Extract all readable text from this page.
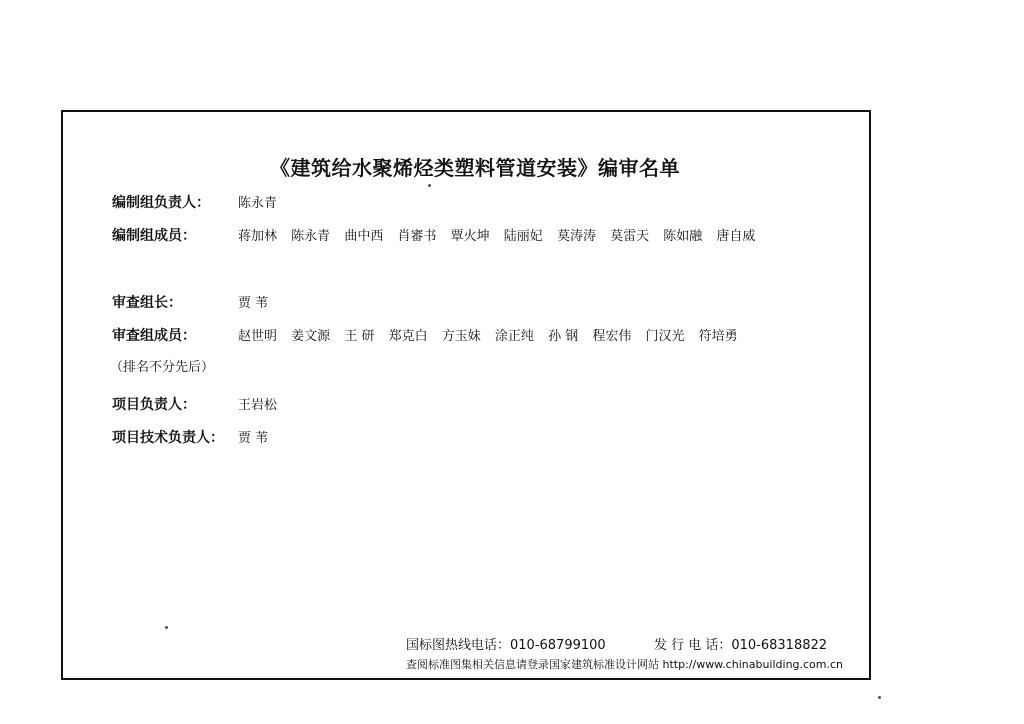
《建筑给水聚烯烃类塑料管道安装》编审名单
编制组负责人： 陈永青
编制组成员：	蒋加林 陈永青 曲中西 肖審书 覃火坤 陆丽妃 莫涛涛 莫雷天 陈如融 唐自威
审查组长：	贾 苇
审查组成员：	赵世明 姜文源 王 研 郑克白 方玉妹 涂正纯 孙 钢 程宏伟 门汉光 符培勇
（排名不分先后）
项目负责人：	王岩松
项目技术负责人： 贾 苇
国标图热线电话：010-68799100	发 行 电 话：010-68318822
查阅标准图集相关信息请登录国家建筑标准设计网站 http://www.chinabuilding.com.cn
